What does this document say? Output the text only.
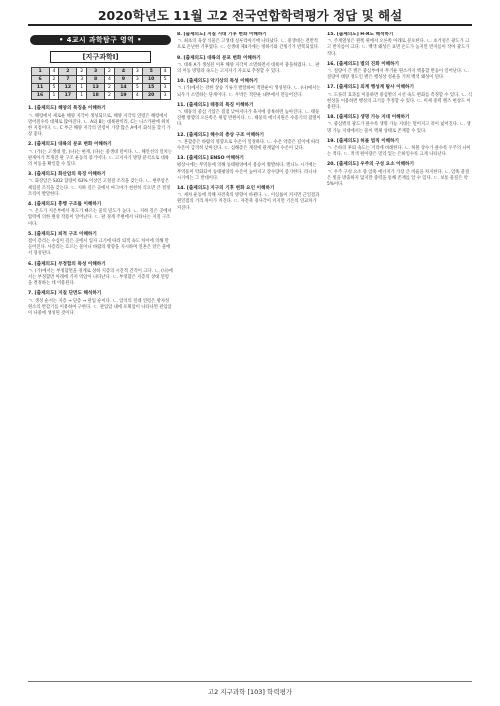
2020학년도 11월 고2 전국연합학력평가 정답 및 해설
• 4교시 과학탐구 영역 •
[지구과학Ⅰ]
1	4	2	2	3	2	4	3	5	4
6	2	7	3	8	4	9	3	10	5
11	5	12	1	13	2	14	5	15	3
16	1	17	1	18	2	19	4	20	3
1. [출제의도] 해양의 특징을 이해하기
ㄱ. 해령에서 새로운 해양 지각이 생성되므로, 해양 지각의 연령은 해령에서 멀어질수록 대체로 많아진다. ㄴ. A와 B는 대륙판끼리, C는 나스카판에 위치한 지점이다. ㄷ. C 부근 해양 지각의 연령이 가장 많은 A에서 화석을 찾기 가장 좋다.
2. [출제의도] 대륙의 분포 변화 이해하기
ㄱ. (가)는 고생대 말, (나)는 현재, (다)는 중생대 말이다. ㄴ. 해안선의 일치는 판게아가 쪼개진 판 구조 운동의 증거이다. ㄷ. 고지자기 방향 분석으로 대륙의 이동을 확인할 수 있다.
3. [출제의도] 화산암의 특징 이해하기
ㄱ. 화강암은 SiO2 함량이 63% 이상인 고철질 조직을 갖는다. ㄴ. 현무암은 세립질 조직을 갖는다. ㄷ. 지하 깊은 곳에서 마그마가 천천히 식으면 큰 결정 조직이 발달한다.
4. [출제의도] 흥행 구조를 이해하기
ㄱ. 온도가 저온부에서 흑도가 빠르는 물의 밀도가 높다. ㄴ. 지하 깊은 곳에서 압력에 의한 변성 작용이 일어난다. ㄷ. 판 경계 주변에서 나타나는 지질 구조이다.
5. [출제의도] 퇴적 구조 이해하기
점이 층리는 수심이 깊은 곳에서 입자 크기에 따라 퇴적 속도 차이에 의해 만들어진다. 사층리는 흐르는 물이나 바람의 방향을 지시하며 연흔은 얕은 물에서 형성된다.
6. [출제의도] 부정합의 특성 이해하기
ㄱ. (가)에서는 부정합면을 경계로 상하 지층의 시간적 간격이 크다. ㄴ. (나)에서는 부정합면 아래에 기저 역암이 나타난다. ㄷ. 부정합은 지층의 상대 연령을 결정하는 데 이용된다.
7. [출제의도] 지질 단면도 해석하기
ㄱ. 생성 순서는 지층 → 단층 → 관입 순이다. ㄴ. 암석의 절대 연령은 방사성 원소의 반감기를 이용하여 구한다. ㄷ. 관입암 내에 포획암이 나타나면 관입암이 나중에 생성된 것이다.
8. [출제의도] 지질 시대 기후 변화 이해하기
ㄱ. 최초의 육상 식물은 고생대 실루리아기에 나타났다. ㄴ. 중생대는 전반적으로 온난한 기후였다. ㄷ. 신생대 제4기에는 빙하기와 간빙기가 반복되었다.
9. [출제의도] 대륙의 분포 변화 이해하기
ㄱ. 대륙 A가 생성된 이후 해양 지각이 소멸하면서 대륙이 충돌하였다. ㄴ. 판의 이동 방향과 속도는 고지자기 자료로 추정할 수 있다.
10. [출제의도] 악기상의 특성 이해하기
ㄱ. (가)에서는 강한 상승 기류가 발달하여 적란운이 생성된다. ㄴ. (나)에서는 뇌우가 소멸하는 단계이다. ㄷ. 우박은 적란운 내부에서 만들어진다.
11. [출제의도] 태풍의 특징 이해하기
ㄱ. 태풍의 중심 기압은 점점 낮아지다가 육지에 상륙하면 높아진다. ㄴ. 태풍 진행 방향의 오른쪽은 위험 반원이다. ㄷ. 태풍의 에너지원은 수증기의 잠열이다.
12. [출제의도] 해수의 층상 구조 이해하기
ㄱ. 혼합층은 바람의 영향으로 수온이 일정하다. ㄴ. 수온 약층은 깊이에 따라 수온이 급격히 낮아진다. ㄷ. 심해층은 계절에 관계없이 수온이 낮다.
13. [출제의도] ENSO 이해하기
평상시에는 무역풍에 의해 동태평양에서 용승이 활발하다. 엘니뇨 시기에는 무역풍이 약화되어 동태평양의 수온이 높아지고 강수량이 증가한다. 라니냐 시기에는 그 반대이다.
14. [출제의도] 지구의 기후 변화 요인 이해하기
ㄱ. 세차 운동에 의해 자전축의 방향이 바뀐다. ㄴ. 이심률이 커지면 근일점과 원일점의 거리 차이가 커진다. ㄷ. 자전축 경사각이 커지면 기온의 연교차가 커진다.
15. [출제의도] H-R도 해석하기
ㄱ. 주계열성은 왼쪽 위에서 오른쪽 아래로 분포한다. ㄴ. 초거성은 광도가 크고 반지름이 크다. ㄷ. 백색 왜성은 표면 온도가 높지만 반지름이 작아 광도가 작다.
16. [출제의도] 별의 진화 이해하기
ㄱ. 질량이 큰 별은 중심부에서 무거운 원소까지 핵융합 반응이 일어난다. ㄴ. 질량이 태양 정도인 별은 행성상 성운을 거쳐 백색 왜성이 된다.
17. [출제의도] 외계 행성계 탐사 이해하기
ㄱ. 도플러 효과를 이용하면 중심별의 시선 속도 변화를 측정할 수 있다. ㄴ. 식 현상을 이용하면 행성의 크기를 추정할 수 있다. ㄷ. 미세 중력 렌즈 현상도 이용된다.
18. [출제의도] 생명 가능 지대 이해하기
ㄱ. 중심별의 광도가 클수록 생명 가능 지대는 멀어지고 폭이 넓어진다. ㄴ. 생명 가능 지대에서는 물이 액체 상태로 존재할 수 있다.
19. [출제의도] 허블 법칙 이해하기
ㄱ. 은하의 후퇴 속도는 거리에 비례한다. ㄴ. 허블 상수가 클수록 우주의 나이는 적다. ㄷ. 적색 편이량은 멀리 있는 은하일수록 크게 나타난다.
20. [출제의도] 우주의 구성 요소 이해하기
ㄱ. 우주 구성 요소 중 암흑 에너지가 가장 큰 비율을 차지한다. ㄴ. 암흑 물질은 빛을 방출하지 않지만 중력을 통해 존재를 알 수 있다. ㄷ. 보통 물질은 약 5%이다.
고2 지구과학 [103] 학력평가
